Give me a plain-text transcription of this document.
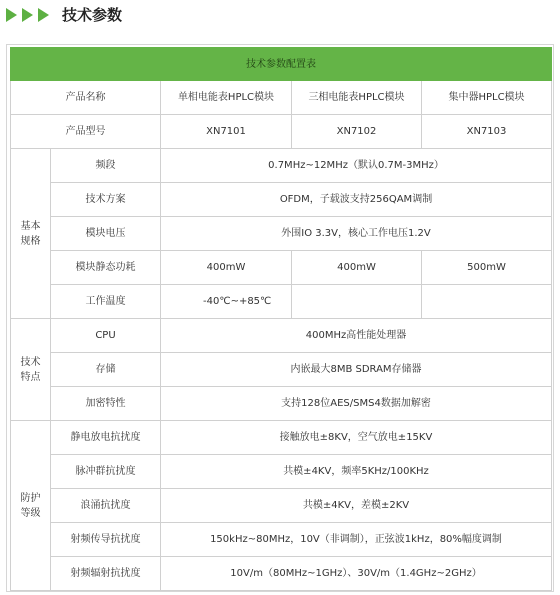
技术参数
技术参数配置表				
产品名称		单相电能表HPLC模块	三相电能表HPLC模块	集中器HPLC模块
产品型号		XN7101	XN7102	XN7103
基本
规格	频段	0.7MHz~12MHz（默认0.7M-3MHz）		
	技术方案	OFDM，子载波支持256QAM调制		
	模块电压	外围IO 3.3V，核心工作电压1.2V		
	模块静态功耗	400mW	400mW	500mW
	工作温度	-40℃~+85℃		
技术
特点	CPU	400MHz高性能处理器		
	存储	内嵌最大8MB SDRAM存储器		
	加密特性	支持128位AES/SMS4数据加解密		
防护
等级	静电放电抗扰度	接触放电±8KV，空气放电±15KV		
	脉冲群抗扰度	共模±4KV，频率5KHz/100KHz		
	浪涌抗扰度	共模±4KV，差模±2KV		
	射频传导抗扰度	150kHz~80MHz，10V（非调制），正弦波1kHz，80%幅度调制		
	射频辐射抗扰度	10V/m（80MHz~1GHz）、30V/m（1.4GHz~2GHz）		
